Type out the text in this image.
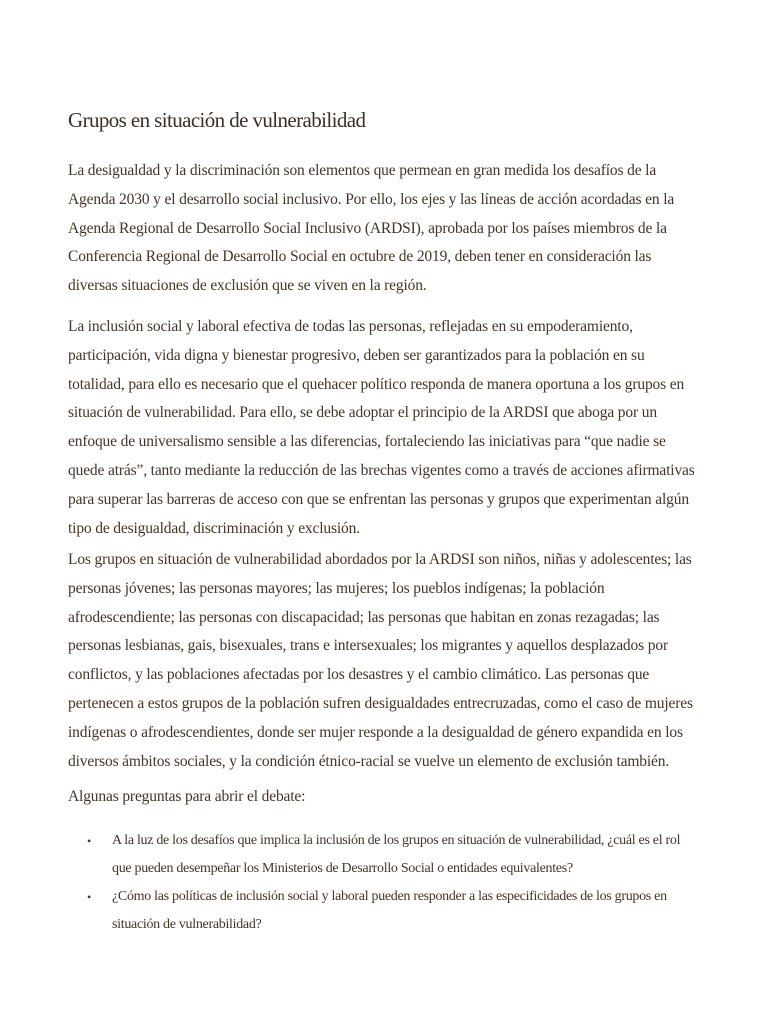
Grupos en situación de vulnerabilidad

La desigualdad y la discriminación son elementos que permean en gran medida los desafíos de la Agenda 2030 y el desarrollo social inclusivo. Por ello, los ejes y las líneas de acción acordadas en la Agenda Regional de Desarrollo Social Inclusivo (ARDSI), aprobada por los países miembros de la Conferencia Regional de Desarrollo Social en octubre de 2019, deben tener en consideración las diversas situaciones de exclusión que se viven en la región.

La inclusión social y laboral efectiva de todas las personas, reflejadas en su empoderamiento, participación, vida digna y bienestar progresivo, deben ser garantizados para la población en su totalidad, para ello es necesario que el quehacer político responda de manera oportuna a los grupos en situación de vulnerabilidad. Para ello, se debe adoptar el principio de la ARDSI que aboga por un enfoque de universalismo sensible a las diferencias, fortaleciendo las iniciativas para “que nadie se quede atrás”, tanto mediante la reducción de las brechas vigentes como a través de acciones afirmativas para superar las barreras de acceso con que se enfrentan las personas y grupos que experimentan algún tipo de desigualdad, discriminación y exclusión.

Los grupos en situación de vulnerabilidad abordados por la ARDSI son niños, niñas y adolescentes; las personas jóvenes; las personas mayores; las mujeres; los pueblos indígenas; la población afrodescendiente; las personas con discapacidad; las personas que habitan en zonas rezagadas; las personas lesbianas, gais, bisexuales, trans e intersexuales; los migrantes y aquellos desplazados por conflictos, y las poblaciones afectadas por los desastres y el cambio climático. Las personas que pertenecen a estos grupos de la población sufren desigualdades entrecruzadas, como el caso de mujeres indígenas o afrodescendientes, donde ser mujer responde a la desigualdad de género expandida en los diversos ámbitos sociales, y la condición étnico-racial se vuelve un elemento de exclusión también.

Algunas preguntas para abrir el debate:

• A la luz de los desafíos que implica la inclusión de los grupos en situación de vulnerabilidad, ¿cuál es el rol que pueden desempeñar los Ministerios de Desarrollo Social o entidades equivalentes?
• ¿Cómo las políticas de inclusión social y laboral pueden responder a las especificidades de los grupos en situación de vulnerabilidad?
